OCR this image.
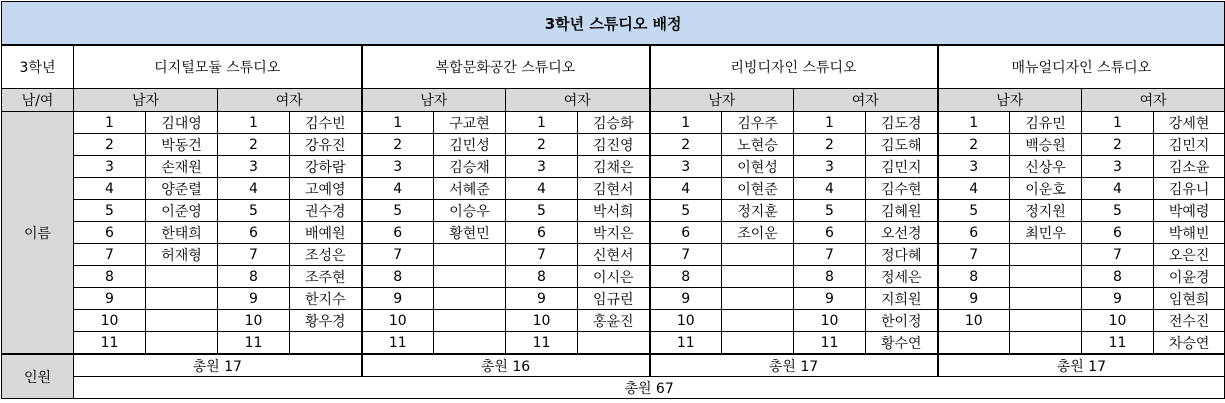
3학년 스튜디오 배정																
3학년	디지털모듈 스튜디오				복합문화공간 스튜디오				리빙디자인 스튜디오				매뉴얼디자인 스튜디오			
남/여	남자		여자		남자		여자		남자		여자		남자		여자	
이름	1	김대영	1	김수빈	1	구교현	1	김승화	1	김우주	1	김도경	1	김유민	1	강세현
	2	박동건	2	강유진	2	김민성	2	김진영	2	노현승	2	김도해	2	백승원	2	김민지
	3	손재원	3	강하람	3	김승채	3	김채은	3	이현성	3	김민지	3	신상우	3	김소윤
	4	양준렬	4	고예영	4	서혜준	4	김현서	4	이현준	4	김수현	4	이운호	4	김유니
	5	이준영	5	권수경	5	이승우	5	박서희	5	정지훈	5	김혜원	5	정지원	5	박예령
	6	한태희	6	배예원	6	황현민	6	박지은	6	조이운	6	오선경	6	최민우	6	박해빈
	7	허재형	7	조성은	7		7	신현서	7		7	정다혜	7		7	오은진
	8		8	조주현	8		8	이시은	8		8	정세은	8		8	이윤경
	9		9	한지수	9		9	임규린	9		9	지희원	9		9	임현희
	10		10	황우경	10		10	홍윤진	10		10	한이정	10		10	전수진
	11		11		11		11		11		11	황수연			11	차승연
인원	총원 17				총원 16				총원 17				총원 17			
	총원 67															
